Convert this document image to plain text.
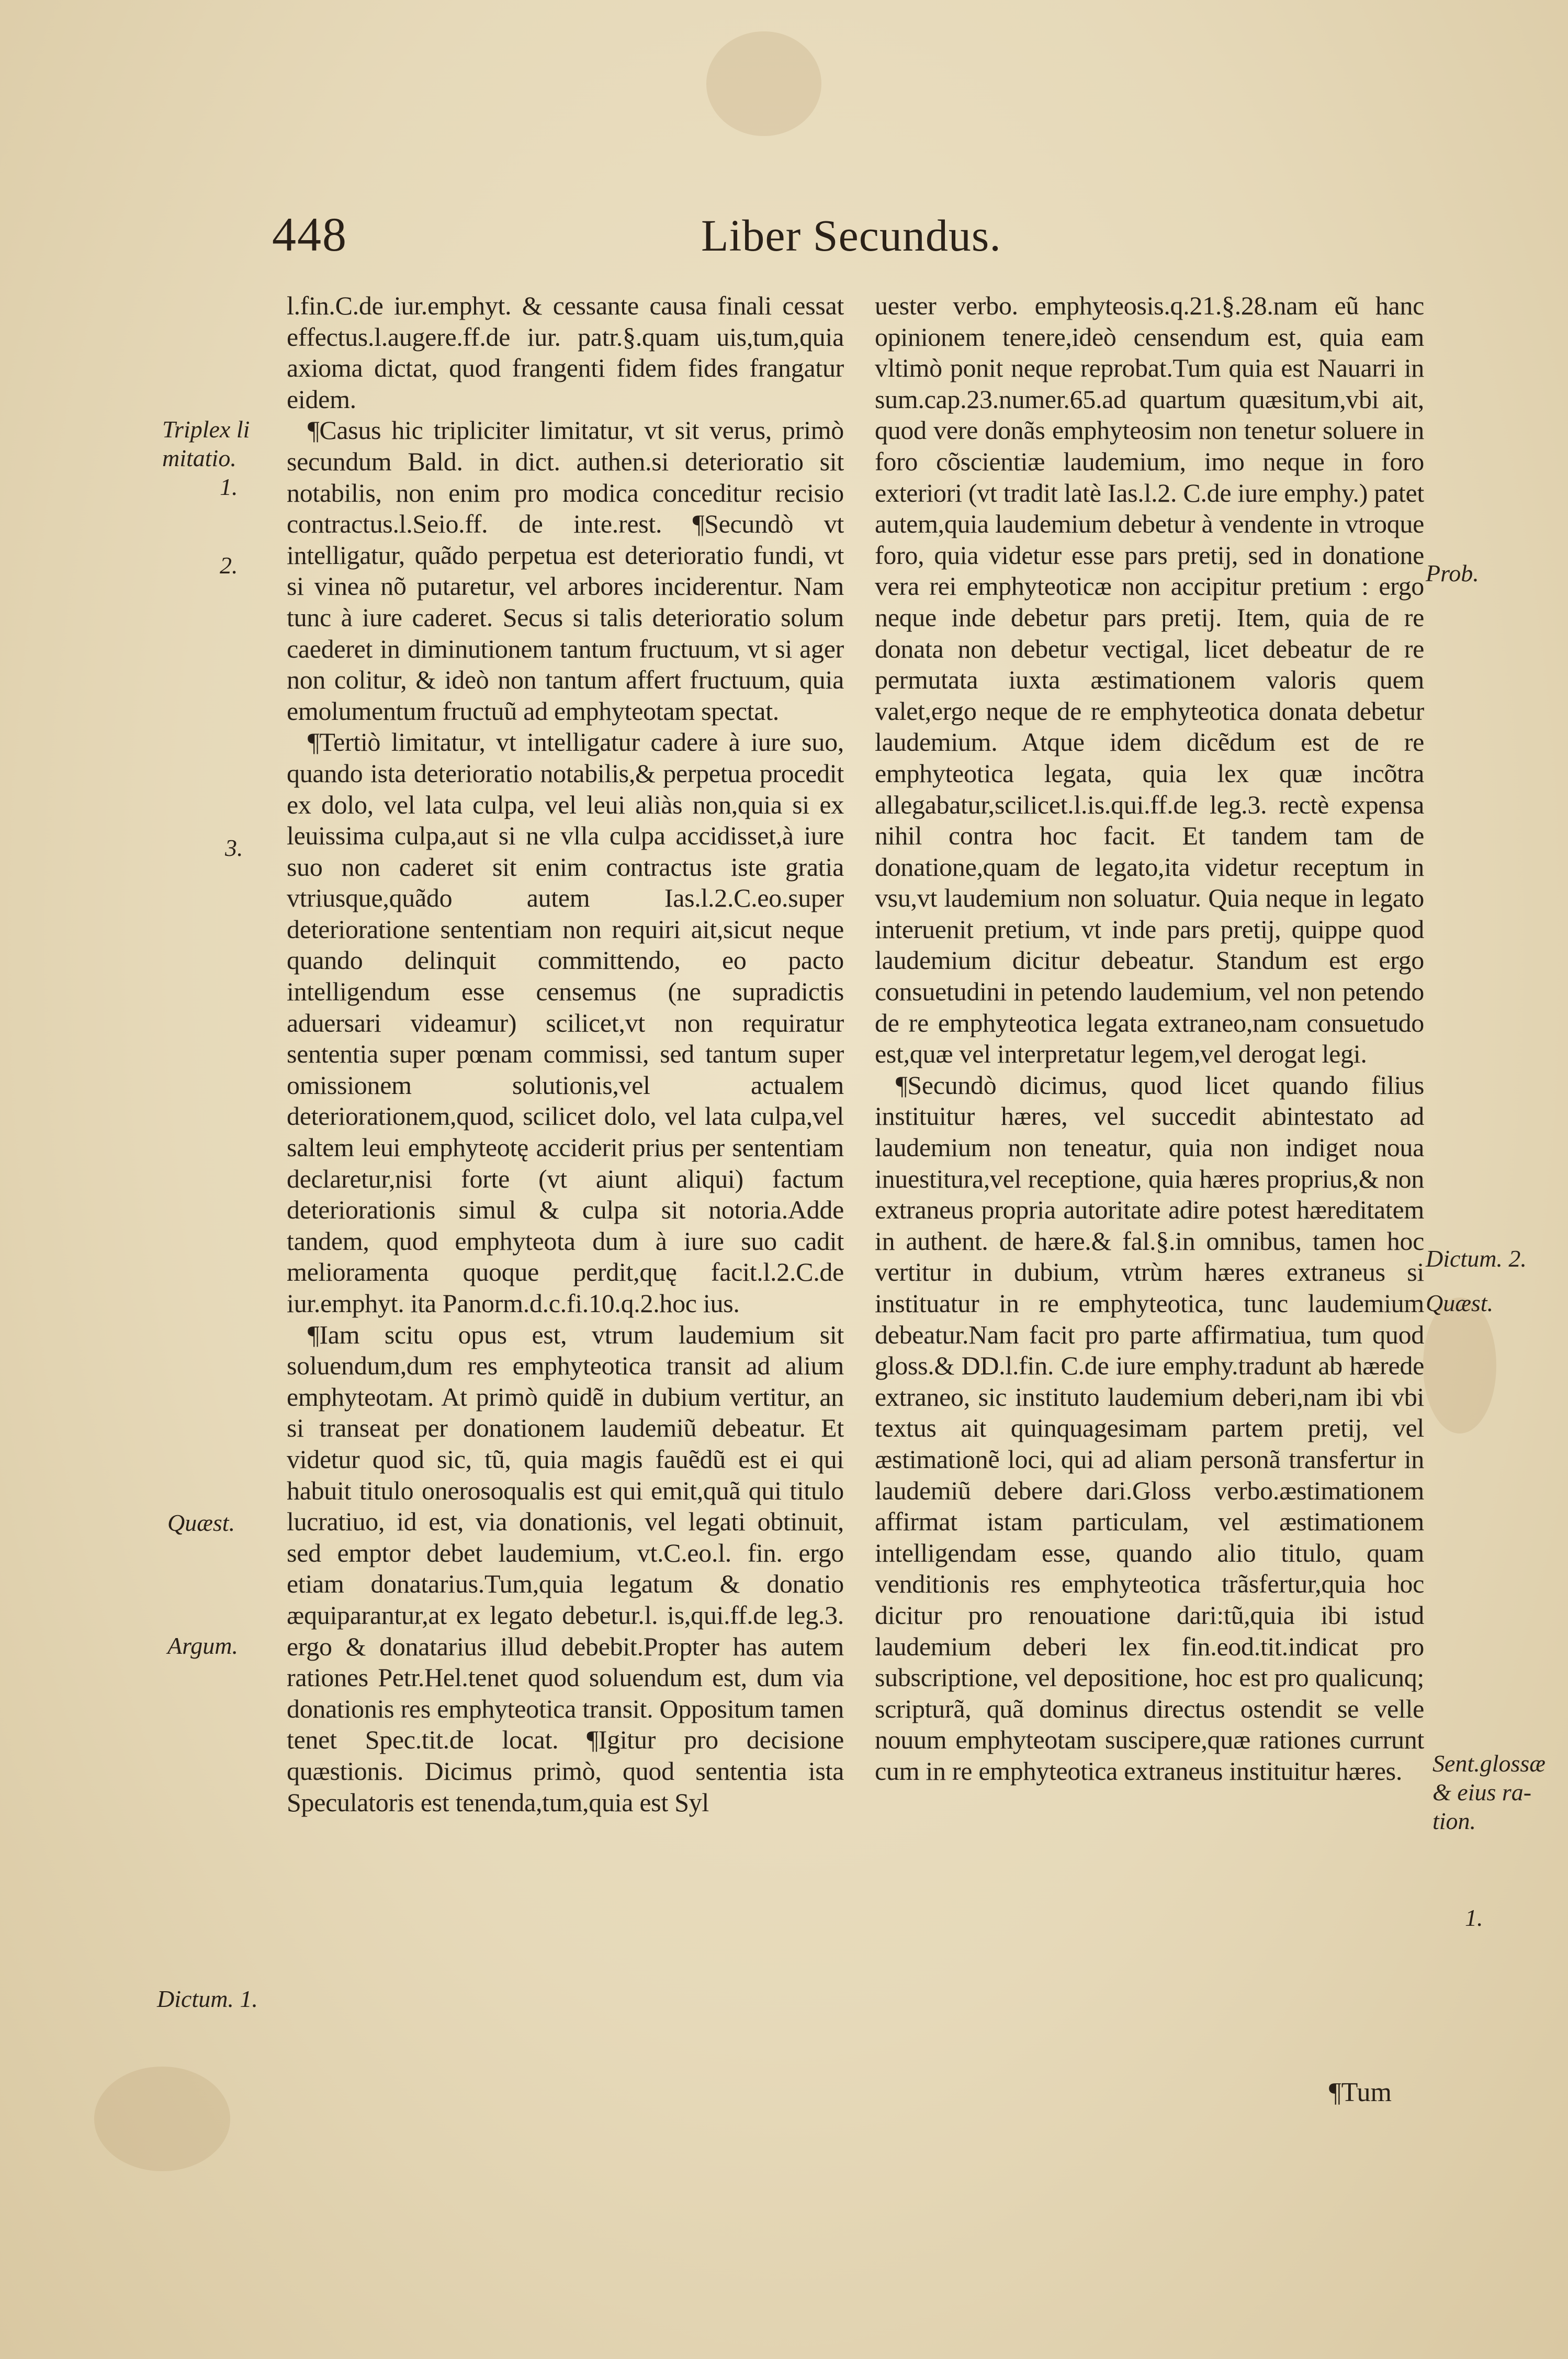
448	Liber Secundus.

l.fin.C.de iur.emphyt. & cessante causa finali cessat effectus.l.augere.ff.de iur. patr.§.quam uis,tum,quia axioma dictat, quod frangenti fidem fides frangatur eidem.

¶Casus hic tripliciter limitatur, vt sit verus, primò secundum Bald. in dict. authen.si deterioratio sit notabilis, non enim pro modica conceditur recisio contractus.l.Seio.ff. de inte.rest. ¶Secundò vt intelligatur, quãdo perpetua est deterioratio fundi, vt si vinea nõ putaretur, vel arbores inciderentur. Nam tunc à iure caderet. Secus si talis deterioratio solum caederet in diminutionem tantum fructuum, vt si ager non colitur, & ideò non tantum affert fructuum, quia emolumentum fructuũ ad emphyteotam spectat.

¶Tertiò limitatur, vt intelligatur cadere à iure suo, quando ista deterioratio notabilis,& perpetua procedit ex dolo, vel lata culpa, vel leui aliàs non,quia si ex leuissima culpa,aut si ne vlla culpa accidisset,à iure suo non caderet sit enim contractus iste gratia vtriusque,quãdo autem Ias.l.2.C.eo.super deterioratione sententiam non requiri ait,sicut neque quando delinquit committendo, eo pacto intelligendum esse censemus (ne supradictis aduersari videamur) scilicet,vt non requiratur sententia super pœnam commissi, sed tantum super omissionem solutionis,vel actualem deteriorationem,quod, scilicet dolo, vel lata culpa,vel saltem leui emphyteotę acciderit prius per sententiam declaretur,nisi forte (vt aiunt aliqui) factum deteriorationis simul & culpa sit notoria.Adde tandem, quod emphyteota dum à iure suo cadit melioramenta quoque perdit,quę facit.l.2.C.de iur.emphyt. ita Panorm.d.c.fi.10.q.2.hoc ius.

¶Iam scitu opus est, vtrum laudemium sit soluendum,dum res emphyteotica transit ad alium emphyteotam. At primò quidẽ in dubium vertitur, an si transeat per donationem laudemiũ debeatur. Et videtur quod sic, tũ, quia magis fauẽdũ est ei qui habuit titulo onerosoqualis est qui emit,quã qui titulo lucratiuo, id est, via donationis, vel legati obtinuit, sed emptor debet laudemium, vt.C.eo.l. fin. ergo etiam donatarius.Tum,quia legatum & donatio æquiparantur,at ex legato debetur.l. is,qui.ff.de leg.3. ergo & donatarius illud debebit.Propter has autem rationes Petr.Hel.tenet quod soluendum est, dum via donationis res emphyteotica transit. Oppositum tamen tenet Spec.tit.de locat. ¶Igitur pro decisione quæstionis. Dicimus primò, quod sententia ista Speculatoris est tenenda,tum,quia est Syl

uester verbo. emphyteosis.q.21.§.28.nam eũ hanc opinionem tenere,ideò censendum est, quia eam vltimò ponit neque reprobat.Tum quia est Nauarri in sum.cap.23.numer.65.ad quartum quæsitum,vbi ait, quod vere donãs emphyteosim non tenetur soluere in foro cõscientiæ laudemium, imo neque in foro exteriori (vt tradit latè Ias.l.2. C.de iure emphy.) patet autem,quia laudemium debetur à vendente in vtroque foro, quia videtur esse pars pretij, sed in donatione vera rei emphyteoticæ non accipitur pretium : ergo neque inde debetur pars pretij. Item, quia de re donata non debetur vectigal, licet debeatur de re permutata iuxta æstimationem valoris quem valet,ergo neque de re emphyteotica donata debetur laudemium. Atque idem dicẽdum est de re emphyteotica legata, quia lex quæ incõtra allegabatur,scilicet.l.is.qui.ff.de leg.3. rectè expensa nihil contra hoc facit. Et tandem tam de donatione,quam de legato,ita videtur receptum in vsu,vt laudemium non soluatur. Quia neque in legato interuenit pretium, vt inde pars pretij, quippe quod laudemium dicitur debeatur. Standum est ergo consuetudini in petendo laudemium, vel non petendo de re emphyteotica legata extraneo,nam consuetudo est,quæ vel interpretatur legem,vel derogat legi.

¶Secundò dicimus, quod licet quando filius instituitur hæres, vel succedit abintestato ad laudemium non teneatur, quia non indiget noua inuestitura,vel receptione, quia hæres proprius,& non extraneus propria autoritate adire potest hæreditatem in authent. de hære.& fal.§.in omnibus, tamen hoc vertitur in dubium, vtrùm hæres extraneus si instituatur in re emphyteotica, tunc laudemium debeatur.Nam facit pro parte affirmatiua, tum quod gloss.& DD.l.fin. C.de iure emphy.tradunt ab hærede extraneo, sic instituto laudemium deberi,nam ibi vbi textus ait quinquagesimam partem pretij, vel æstimationẽ loci, qui ad aliam personã transfertur in laudemiũ debere dari.Gloss verbo.æstimationem affirmat istam particulam, vel æstimationem intelligendam esse, quando alio titulo, quam venditionis res emphyteotica trãsfertur,quia hoc dicitur pro renouatione dari:tũ,quia ibi istud laudemium deberi lex fin.eod.tit.indicat pro subscriptione, vel depositione, hoc est pro qualicunq; scripturã, quã dominus directus ostendit se velle nouum emphyteotam suscipere,quæ rationes currunt cum in re emphyteotica extraneus instituitur hæres.

Triplex li
mitatio.
1.
2.
3.
Quæst.
Argum.
Dictum. 1.
Prob.
Dictum. 2.
Quæst.
Sent.glossæ
& eius ra-
tion.
1.
¶Tum
